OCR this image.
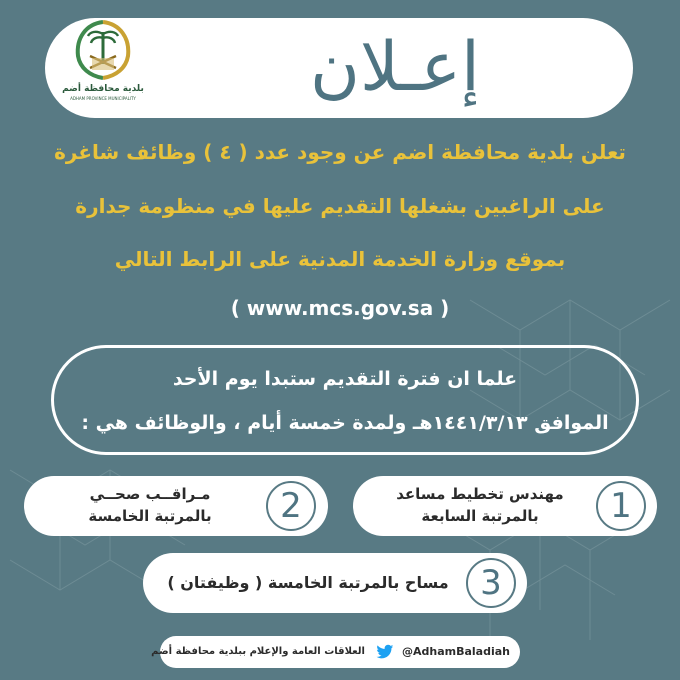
بلدية محافظة أضم
ADHAM PROVINCE MUNICIPALITY	إعـلان
تعلن بلدية محافظة اضم عن وجود عدد ( ٤ ) وظائف شاغرة
على الراغبين بشغلها التقديم عليها في منظومة جدارة
بموقع وزارة الخدمة المدنية على الرابط التالي
( www.mcs.gov.sa )
علما ان فترة التقديم ستبدا يوم الأحد
الموافق ١٤٤١/٣/١٣هـ ولمدة خمسة أيام ، والوظائف هي :
1
مهندس تخطيط مساعد
بالمرتبة السابعة
2
مـراقــب صحــي
بالمرتبة الخامسة
3
مساح بالمرتبة الخامسة ( وظيفتان )
@AdhamBaladiah
العلاقات العامة والإعلام ببلدية محافظة أضم
